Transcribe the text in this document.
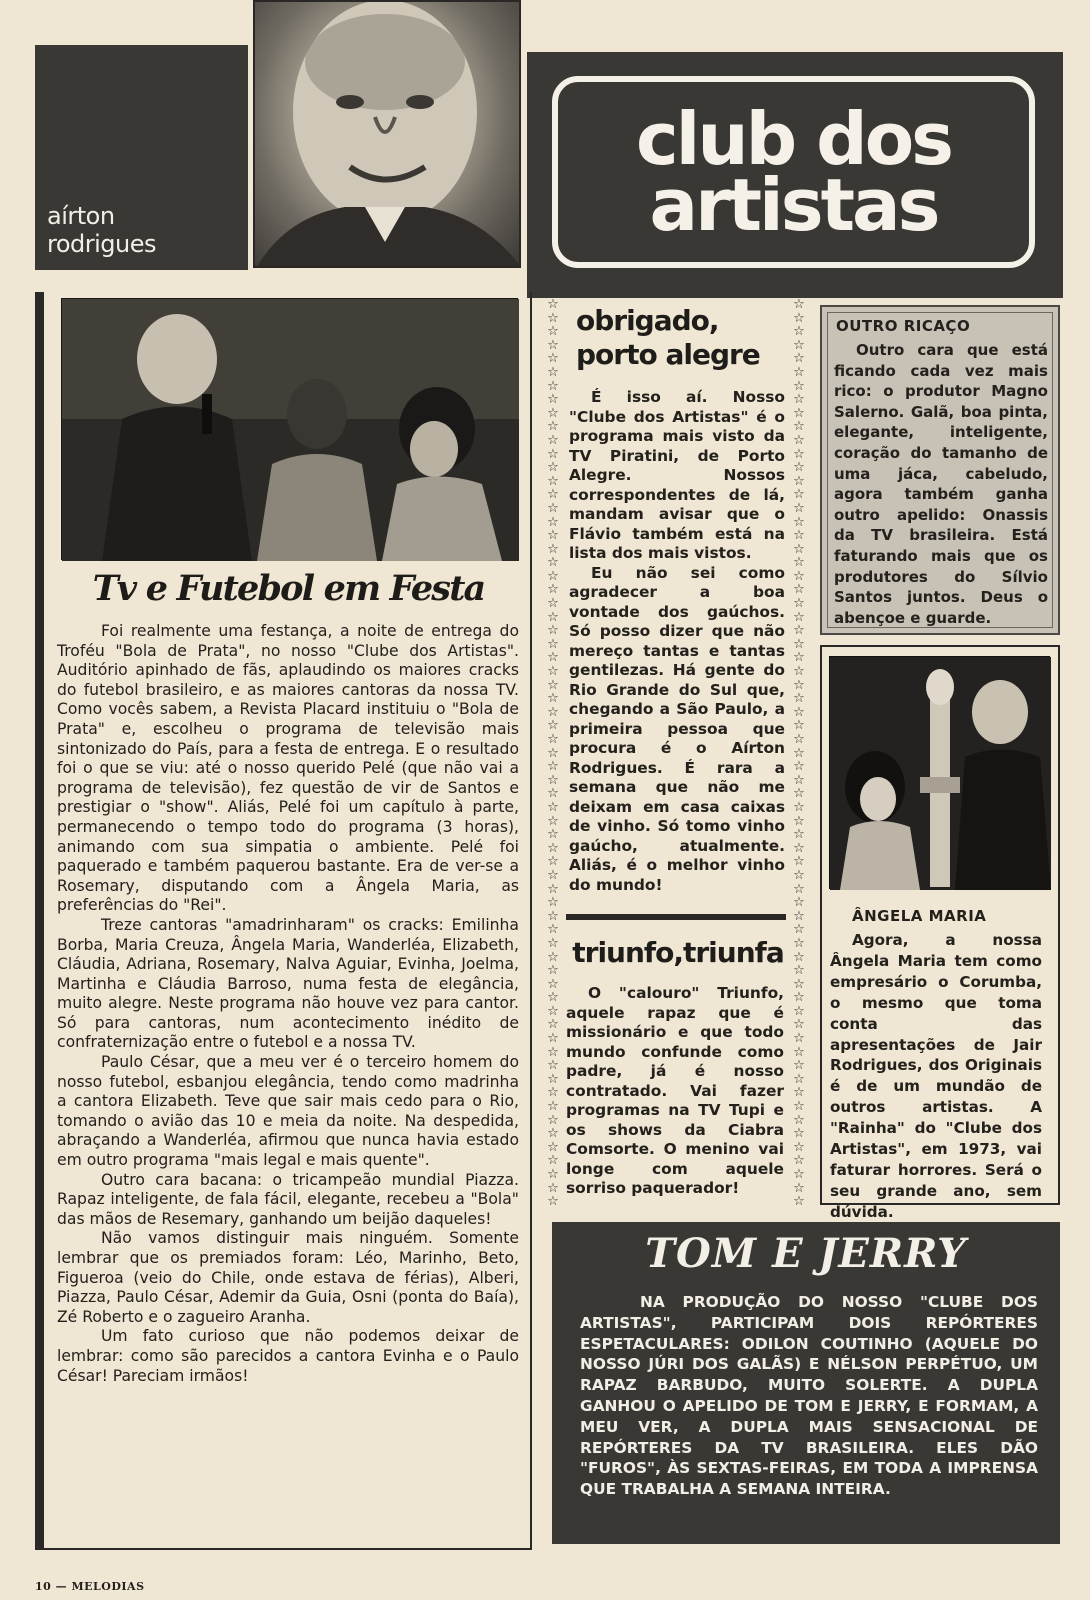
aírton
rodrigues
club dos
artistas
Tv e Futebol em Festa

Foi realmente uma festança, a noite de entrega do Troféu "Bola de Prata", no nosso "Clube dos Artistas". Auditório apinhado de fãs, aplaudindo os maiores cracks do futebol brasileiro, e as maiores cantoras da nossa TV. Como vocês sabem, a Revista Placard instituiu o "Bola de Prata" e, escolheu o programa de televisão mais sintonizado do País, para a festa de entrega. E o resultado foi o que se viu: até o nosso querido Pelé (que não vai a programa de televisão), fez questão de vir de Santos e prestigiar o "show". Aliás, Pelé foi um capítulo à parte, permanecendo o tempo todo do programa (3 horas), animando com sua simpatia o ambiente. Pelé foi paquerado e também paquerou bastante. Era de ver-se a Rosemary, disputando com a Ângela Maria, as preferências do "Rei".

Treze cantoras "amadrinharam" os cracks: Emilinha Borba, Maria Creuza, Ângela Maria, Wanderléa, Elizabeth, Cláudia, Adriana, Rosemary, Nalva Aguiar, Evinha, Joelma, Martinha e Cláudia Barroso, numa festa de elegância, muito alegre. Neste programa não houve vez para cantor. Só para cantoras, num acontecimento inédito de confraternização entre o futebol e a nossa TV.

Paulo César, que a meu ver é o terceiro homem do nosso futebol, esbanjou elegância, tendo como madrinha a cantora Elizabeth. Teve que sair mais cedo para o Rio, tomando o avião das 10 e meia da noite. Na despedida, abraçando a Wanderléa, afirmou que nunca havia estado em outro programa "mais legal e mais quente".

Outro cara bacana: o tricampeão mundial Piazza. Rapaz inteligente, de fala fácil, elegante, recebeu a "Bola" das mãos de Resemary, ganhando um beijão daqueles!

Não vamos distinguir mais ninguém. Somente lembrar que os premiados foram: Léo, Marinho, Beto, Figueroa (veio do Chile, onde estava de férias), Alberi, Piazza, Paulo César, Ademir da Guia, Osni (ponta do Baía), Zé Roberto e o zagueiro Aranha.

Um fato curioso que não podemos deixar de lembrar: como são parecidos a cantora Evinha e o Paulo César! Pareciam irmãos!

☆
☆
☆
☆
☆
☆
☆
☆
☆
☆
☆
☆
☆
☆
☆
☆
☆
☆
☆
☆
☆
☆
☆
☆
☆
☆
☆
☆
☆
☆
☆
☆
☆
☆
☆
☆
☆
☆
☆
☆
☆
☆
☆
☆
☆
☆
☆
☆
☆
☆
☆
☆
☆
☆
☆
☆
☆
☆
☆
☆
☆
☆
☆
☆
☆
☆
☆
☆
☆
☆
☆
☆
☆
☆
☆
☆
☆
☆
☆
☆
☆
☆
☆
☆
☆
☆
☆
☆
☆
☆
☆
☆
☆
☆
☆
☆
☆
☆
☆
☆
☆
☆
☆
☆
☆
☆
☆
☆
☆
☆
☆
☆
☆
☆
☆
☆
☆
☆
☆
☆
☆
☆
☆
☆
☆
☆
☆
☆
☆
☆
☆
☆
☆
☆
obrigado,
porto alegre

É isso aí. Nosso "Clube dos Artistas" é o programa mais visto da TV Piratini, de Porto Alegre. Nossos correspondentes de lá, mandam avisar que o Flávio também está na lista dos mais vistos.

Eu não sei como agradecer a boa vontade dos gaúchos. Só posso dizer que não mereço tantas e tantas gentilezas. Há gente do Rio Grande do Sul que, chegando a São Paulo, a primeira pessoa que procura é o Aírton Rodrigues. É rara a semana que não me deixam em casa caixas de vinho. Só tomo vinho gaúcho, atualmente. Aliás, é o melhor vinho do mundo!

triunfo,triunfa

O "calouro" Triunfo, aquele rapaz que é missionário e que todo mundo confunde como padre, já é nosso contratado. Vai fazer programas na TV Tupi e os shows da Ciabra Comsorte. O menino vai longe com aquele sorriso paquerador!

OUTRO RICAÇO
Outro cara que está ficando cada vez mais rico: o produtor Magno Salerno. Galã, boa pinta, elegante, inteligente, coração do tamanho de uma jáca, cabeludo, agora também ganha outro apelido: Onassis da TV brasileira. Está faturando mais que os produtores do Sílvio Santos juntos. Deus o abençoe e guarde.
ÂNGELA MARIA
Agora, a nossa Ângela Maria tem como empresário o Corumba, o mesmo que toma conta das apresentações de Jair Rodrigues, dos Originais é de um mundão de outros artistas. A "Rainha" do "Clube dos Artistas", em 1973, vai faturar horrores. Será o seu grande ano, sem dúvida.
TOM E JERRY

NA PRODUÇÃO DO NOSSO "CLUBE DOS ARTISTAS", PARTICIPAM DOIS REPÓRTERES ESPETACULARES: ODILON COUTINHO (AQUELE DO NOSSO JÚRI DOS GALÃS) E NÉLSON PERPÉTUO, UM RAPAZ BARBUDO, MUITO SOLERTE. A DUPLA GANHOU O APELIDO DE TOM E JERRY, E FORMAM, A MEU VER, A DUPLA MAIS SENSACIONAL DE REPÓRTERES DA TV BRASILEIRA. ELES DÃO "FUROS", ÀS SEXTAS-FEIRAS, EM TODA A IMPRENSA QUE TRABALHA A SEMANA INTEIRA.

10 — MELODIAS
